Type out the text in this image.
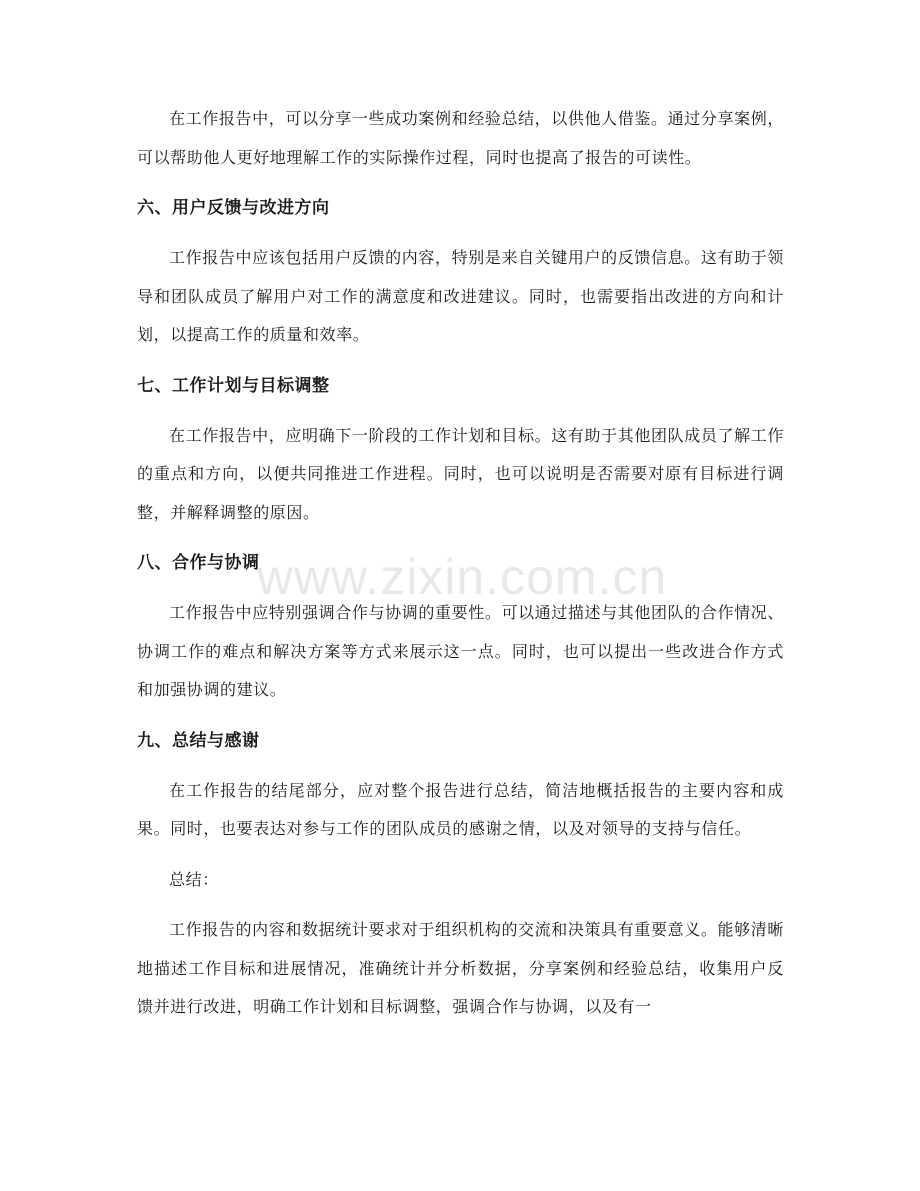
在工作报告中，可以分享一些成功案例和经验总结，以供他人借鉴。通过分享案例，可以帮助他人更好地理解工作的实际操作过程，同时也提高了报告的可读性。

六、用户反馈与改进方向

工作报告中应该包括用户反馈的内容，特别是来自关键用户的反馈信息。这有助于领导和团队成员了解用户对工作的满意度和改进建议。同时，也需要指出改进的方向和计划，以提高工作的质量和效率。

七、工作计划与目标调整

在工作报告中，应明确下一阶段的工作计划和目标。这有助于其他团队成员了解工作的重点和方向，以便共同推进工作进程。同时，也可以说明是否需要对原有目标进行调整，并解释调整的原因。

八、合作与协调

工作报告中应特别强调合作与协调的重要性。可以通过描述与其他团队的合作情况、协调工作的难点和解决方案等方式来展示这一点。同时，也可以提出一些改进合作方式和加强协调的建议。

九、总结与感谢

在工作报告的结尾部分，应对整个报告进行总结，简洁地概括报告的主要内容和成果。同时，也要表达对参与工作的团队成员的感谢之情，以及对领导的支持与信任。

总结：

工作报告的内容和数据统计要求对于组织机构的交流和决策具有重要意义。能够清晰地描述工作目标和进展情况，准确统计并分析数据，分享案例和经验总结，收集用户反馈并进行改进，明确工作计划和目标调整，强调合作与协调，以及有一

www.zixin.com.cn
